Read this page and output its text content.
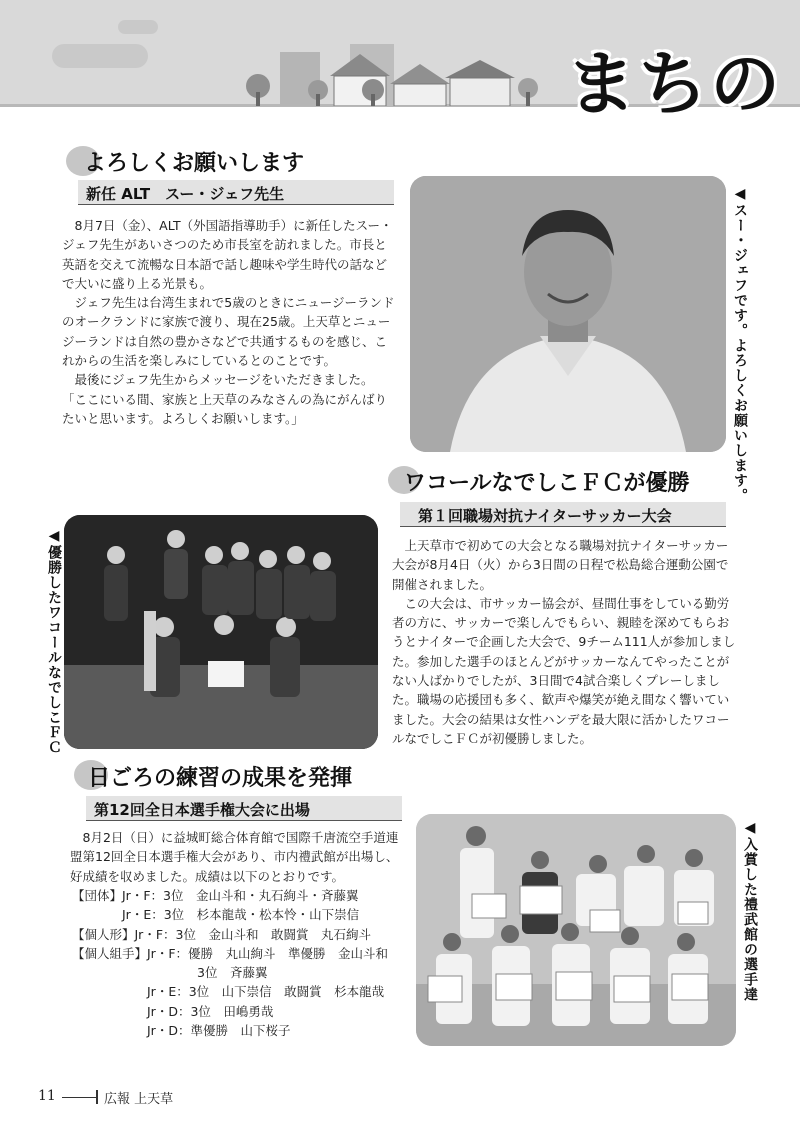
まちの
よろしくお願いします
新任 ALT　スー・ジェフ先生

8月7日（金）、ALT（外国語指導助手）に新任したスー・ジェフ先生があいさつのため市長室を訪れました。市長と英語を交えて流暢な日本語で話し趣味や学生時代の話などで大いに盛り上る光景も。

ジェフ先生は台湾生まれで5歳のときにニュージーランドのオークランドに家族で渡り、現在25歳。上天草とニュージーランドは自然の豊かさなどで共通するものを感じ、これからの生活を楽しみにしているとのことです。

最後にジェフ先生からメッセージをいただきました。

「ここにいる間、家族と上天草のみなさんの為にがんばりたいと思います。よろしくお願いします。」	◀スー・ジェフです。よろしくお願いします。
ワコールなでしこＦＣが優勝
第１回職場対抗ナイターサッカー大会

上天草市で初めての大会となる職場対抗ナイターサッカー大会が8月4日（火）から3日間の日程で松島総合運動公園で開催されました。

この大会は、市サッカー協会が、昼間仕事をしている勤労者の方に、サッカーで楽しんでもらい、親睦を深めてもらおうとナイターで企画した大会で、9チーム111人が参加しました。参加した選手のほとんどがサッカーなんてやったことがない人ばかりでしたが、3日間で4試合楽しくプレーしました。職場の応援団も多く、歓声や爆笑が絶え間なく響いていました。大会の結果は女性ハンデを最大限に活かしたワコールなでしこＦＣが初優勝しました。

◀優勝したワコールなでしこＦＣ
日ごろの練習の成果を発揮
第12回全日本選手権大会に出場

8月2日（日）に益城町総合体育館で国際千唐流空手道連盟第12回全日本選手権大会があり、市内禮武館が出場し、好成績を収めました。成績は以下のとおりです。

【団体】Jr・F：3位　金山斗和・丸石絢斗・斉藤翼
　　　　Jr・E：3位　杉本龍哉・松本怜・山下崇信
【個人形】Jr・F：3位　金山斗和　敢闘賞　丸石絢斗
【個人組手】Jr・F：優勝　丸山絢斗　準優勝　金山斗和
　　　　　　　　　　3位　斉藤翼
　　　　　　Jr・E：3位　山下崇信　敢闘賞　杉本龍哉
　　　　　　Jr・D：3位　田嶋勇哉
　　　　　　Jr・D：準優勝　山下桜子
◀入賞した禮武館の選手達
11	広報 上天草
